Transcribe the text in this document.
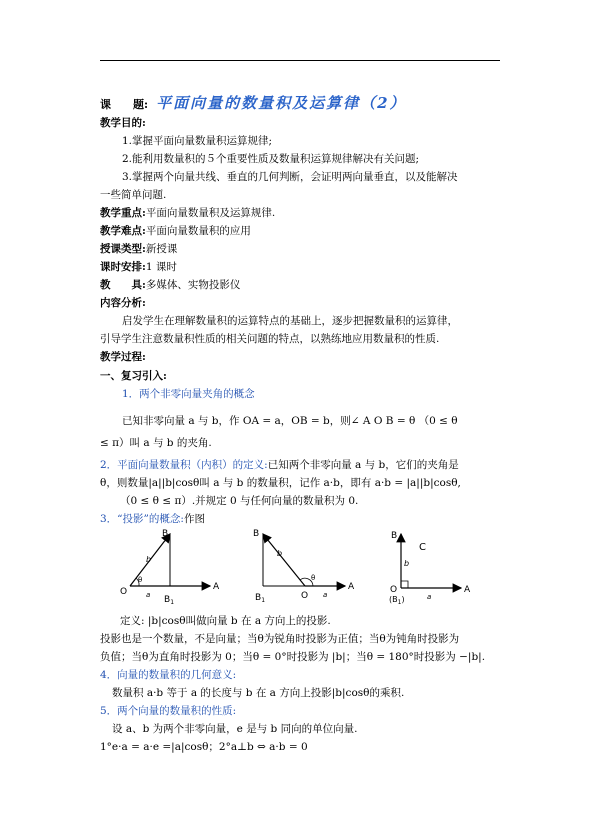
课　　题: 平面向量的数量积及运算律（2）
教学目的:
1.掌握平面向量数量积运算规律;
2.能利用数量积的５个重要性质及数量积运算规律解决有关问题;
3.掌握两个向量共线、垂直的几何判断，会证明两向量垂直，以及能解决
一些简单问题.
教学重点:平面向量数量积及运算规律.
教学难点:平面向量数量积的应用
授课类型:新授课
课时安排:1 课时
教　　具:多媒体、实物投影仪
内容分析:
启发学生在理解数量积的运算特点的基础上，逐步把握数量积的运算律，
引导学生注意数量积性质的相关问题的特点，以熟练地应用数量积的性质.
教学过程:
一、复习引入:
1．两个非零向量夹角的概念
已知非零向量 a 与 b，作 OA = a，OB = b，则∠ A O B = θ （0 ≤ θ
≤ π）叫 a 与 b 的夹角.
2．平面向量数量积（内积）的定义:已知两个非零向量 a 与 b，它们的夹角是
θ，则数量|a||b|cosθ叫 a 与 b 的数量积，记作 a·b，即有 a·b = |a||b|cosθ,
（0 ≤ θ ≤ π）.并规定 0 与任何向量的数量积为 0.
3．“投影”的概念:作图
B
b
O
θ
a $B_1$
A
B
b
θ
A
$B_1$	O a
B
C
b
O
$(B_1)$	a
A
定义: |b|cosθ叫做向量 b 在 a 方向上的投影.
投影也是一个数量，不是向量；当θ为锐角时投影为正值；当θ为钝角时投影为
负值；当θ为直角时投影为 0；当θ = 0°时投影为 |b|；当θ = 180°时投影为 −|b|.
4．向量的数量积的几何意义:
数量积 a·b 等于 a 的长度与 b 在 a 方向上投影|b|cosθ的乘积.
5．两个向量的数量积的性质:
设 a、b 为两个非零向量，e 是与 b 同向的单位向量.
1°e·a = a·e =|a|cosθ；2°a⊥b ⇔ a·b = 0
